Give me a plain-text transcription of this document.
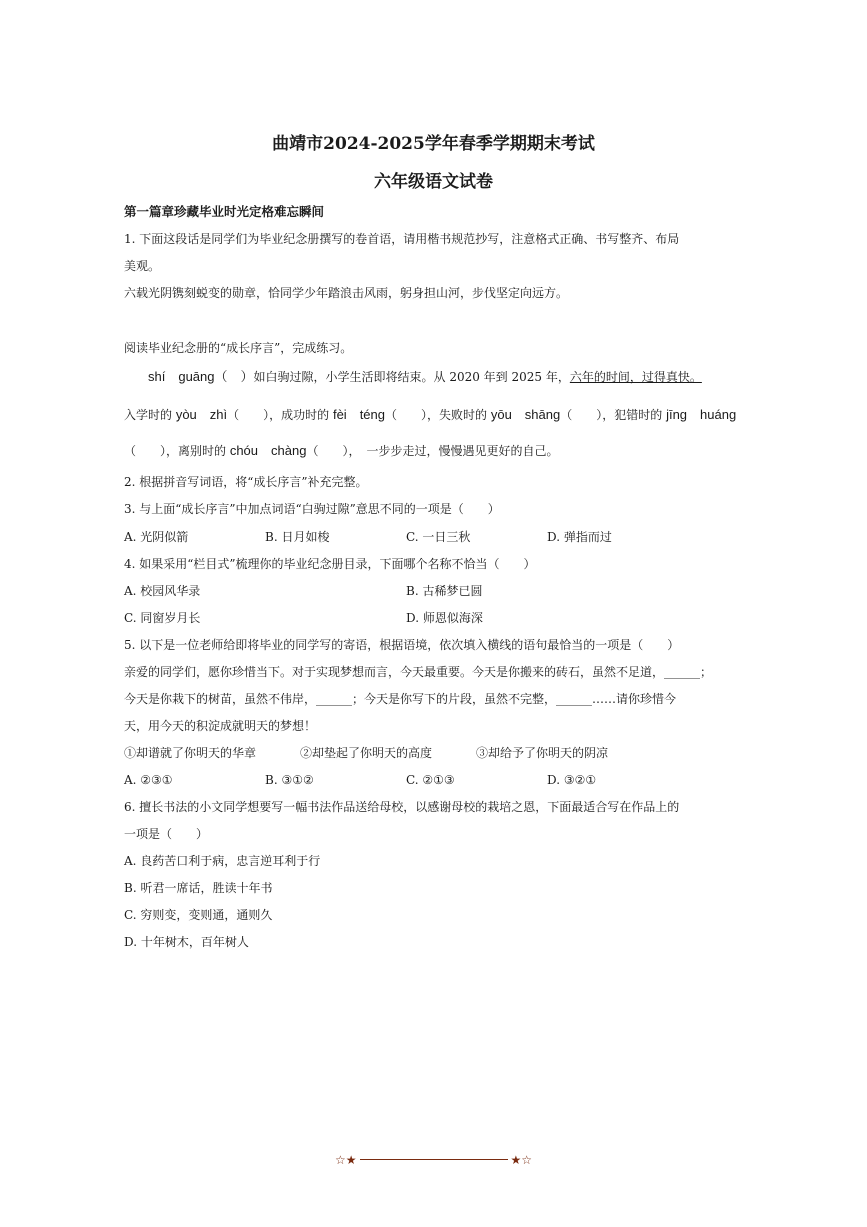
曲靖市2024-2025学年春季学期期末考试
六年级语文试卷
第一篇章珍藏毕业时光定格难忘瞬间
1. 下面这段话是同学们为毕业纪念册撰写的卷首语，请用楷书规范抄写，注意格式正确、书写整齐、布局
美观。
六载光阴镌刻蜕变的勋章，恰同学少年踏浪击风雨，躬身担山河，步伐坚定向远方。
阅读毕业纪念册的“成长序言”，完成练习。
shí　guāng（　）如白驹过隙，小学生活即将结束。从 2020 年到 2025 年，六年的时间，过得真快。
入学时的 yòu　zhì（　　），成功时的 fèi　téng（　　），失败时的 yōu　shāng（　　），犯错时的 jīng　huáng
（　　），离别时的 chóu　chàng（　　），　一步步走过，慢慢遇见更好的自己。
2. 根据拼音写词语，将“成长序言”补充完整。
3. 与上面“成长序言”中加点词语“白驹过隙”意思不同的一项是（　　）
A. 光阴似箭	B. 日月如梭	C. 一日三秋	D. 弹指而过
4. 如果采用“栏目式”梳理你的毕业纪念册目录，下面哪个名称不恰当（　　）
A. 校园风华录	B. 古稀梦已圆
C. 同窗岁月长	D. 师恩似海深
5. 以下是一位老师给即将毕业的同学写的寄语，根据语境，依次填入横线的语句最恰当的一项是（　　）
亲爱的同学们，愿你珍惜当下。对于实现梦想而言，今天最重要。今天是你搬来的砖石，虽然不足道，______；
今天是你栽下的树苗，虽然不伟岸，______；今天是你写下的片段，虽然不完整，______……请你珍惜今
天，用今天的积淀成就明天的梦想！
①却谱就了你明天的华章	②却垫起了你明天的高度	③却给予了你明天的阴凉
A. ②③①	B. ③①②	C. ②①③	D. ③②①
6. 擅长书法的小文同学想要写一幅书法作品送给母校，以感谢母校的栽培之恩，下面最适合写在作品上的
一项是（　　）
A. 良药苦口利于病，忠言逆耳利于行
B. 听君一席话，胜读十年书
C. 穷则变，变则通，通则久
D. 十年树木，百年树人
☆★	★☆
